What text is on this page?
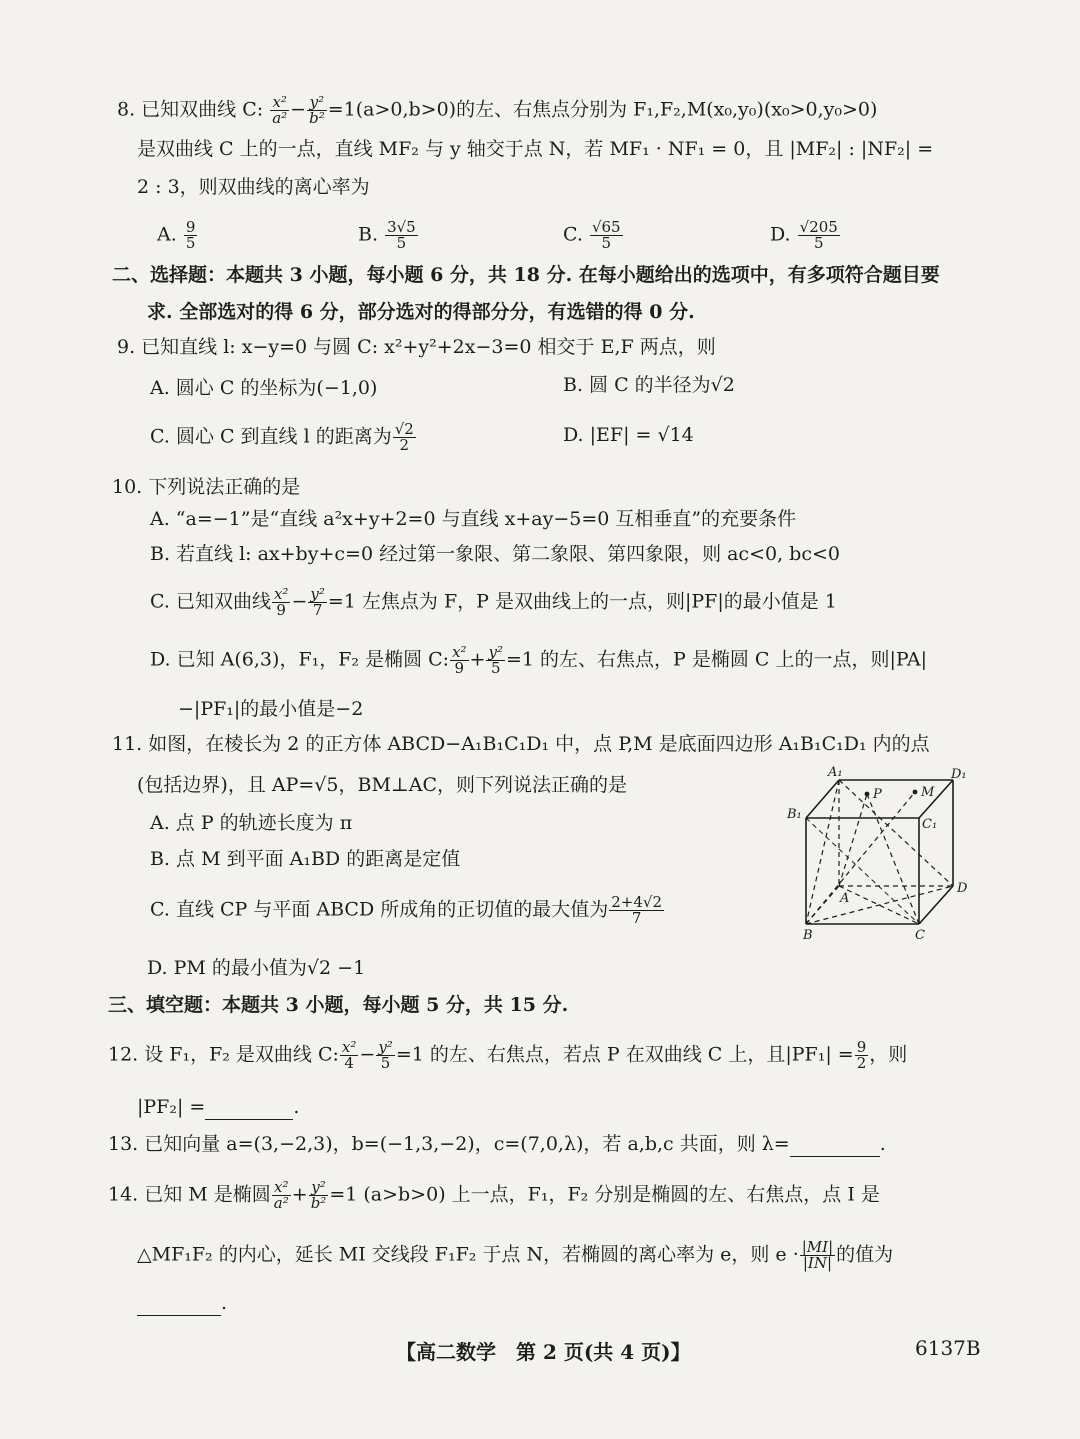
8. 已知双曲线 C: $\frac{\text{x²}}{\text{a²}} - \frac{\text{y²}}{\text{b²}} =1(a>0,b>0)$的左、右焦点分别为 F₁,F₂,M(x₀,y₀)(x₀>0,y₀>0)
是双曲线 C 上的一点，直线 MF₂ 与 y 轴交于点 N，若 MF₁ · NF₁ = 0，且 |MF₂| : |NF₂| =
2 : 3，则双曲线的离心率为
A. $\frac{9}{5}$	B. $\frac{3√5}{5}$	C. $\frac{√65}{5}$	D. $\frac{√205}{5}$
二、选择题：本题共 3 小题，每小题 6 分，共 18 分. 在每小题给出的选项中，有多项符合题目要
求. 全部选对的得 6 分，部分选对的得部分分，有选错的得 0 分.
9. 已知直线 l: x−y=0 与圆 C: x²+y²+2x−3=0 相交于 E,F 两点，则
A. 圆心 C 的坐标为(−1,0)	B. 圆 C 的半径为√2
C. 圆心 C 到直线 l 的距离为 $\frac{√2}{2}$	D. |EF| = √14
10. 下列说法正确的是
A. “a=−1”是“直线 a²x+y+2=0 与直线 x+ay−5=0 互相垂直”的充要条件
B. 若直线 l: ax+by+c=0 经过第一象限、第二象限、第四象限，则 ac<0, bc<0
C. 已知双曲线 $\frac{\text{x²}}{9} - \frac{\text{y²}}{7} =1$ 左焦点为 F，P 是双曲线上的一点，则|PF|的最小值是 1
D. 已知 A(6,3)，F₁，F₂ 是椭圆 C: $\frac{\text{x²}}{9} + \frac{\text{y²}}{5} =1$ 的左、右焦点，P 是椭圆 C 上的一点，则|PA|
−|PF₁|的最小值是−2
11. 如图，在棱长为 2 的正方体 ABCD−A₁B₁C₁D₁ 中，点 P,M 是底面四边形 A₁B₁C₁D₁ 内的点
(包括边界)，且 AP=√5，BM⊥AC，则下列说法正确的是
A. 点 P 的轨迹长度为 π
B. 点 M 到平面 A₁BD 的距离是定值
C. 直线 CP 与平面 ABCD 所成角的正切值的最大值为 $\frac{2+4√2}{7}$
D. PM 的最小值为√2 −1
A₁	D₁
B₁
C₁
P	M
A
D
B	C
三、填空题：本题共 3 小题，每小题 5 分，共 15 分.
12. 设 F₁，F₂ 是双曲线 C: $\frac{\text{x²}}{4} - \frac{\text{y²}}{5} =1$ 的左、右焦点，若点 P 在双曲线 C 上，且$|PF_1| = \frac{9}{2}$ ，则
|PF₂| =	.
13. 已知向量 a=(3,−2,3)，b=(−1,3,−2)，c=(7,0,λ)，若 a,b,c 共面，则 λ=	.
14. 已知 M 是椭圆 $\frac{\text{x²}}{\text{a²}} + \frac{\text{y²}}{\text{b²}} =1$ (a>b>0) 上一点，F₁，F₂ 分别是椭圆的左、右焦点，点 I 是
△MF₁F₂ 的内心，延长 MI 交线段 F₁F₂ 于点 N，若椭圆的离心率为 e，则 $e \cdot \frac{|MI|}{|IN|}$ 的值为
.
【高二数学　第 2 页(共 4 页)】	6137B
